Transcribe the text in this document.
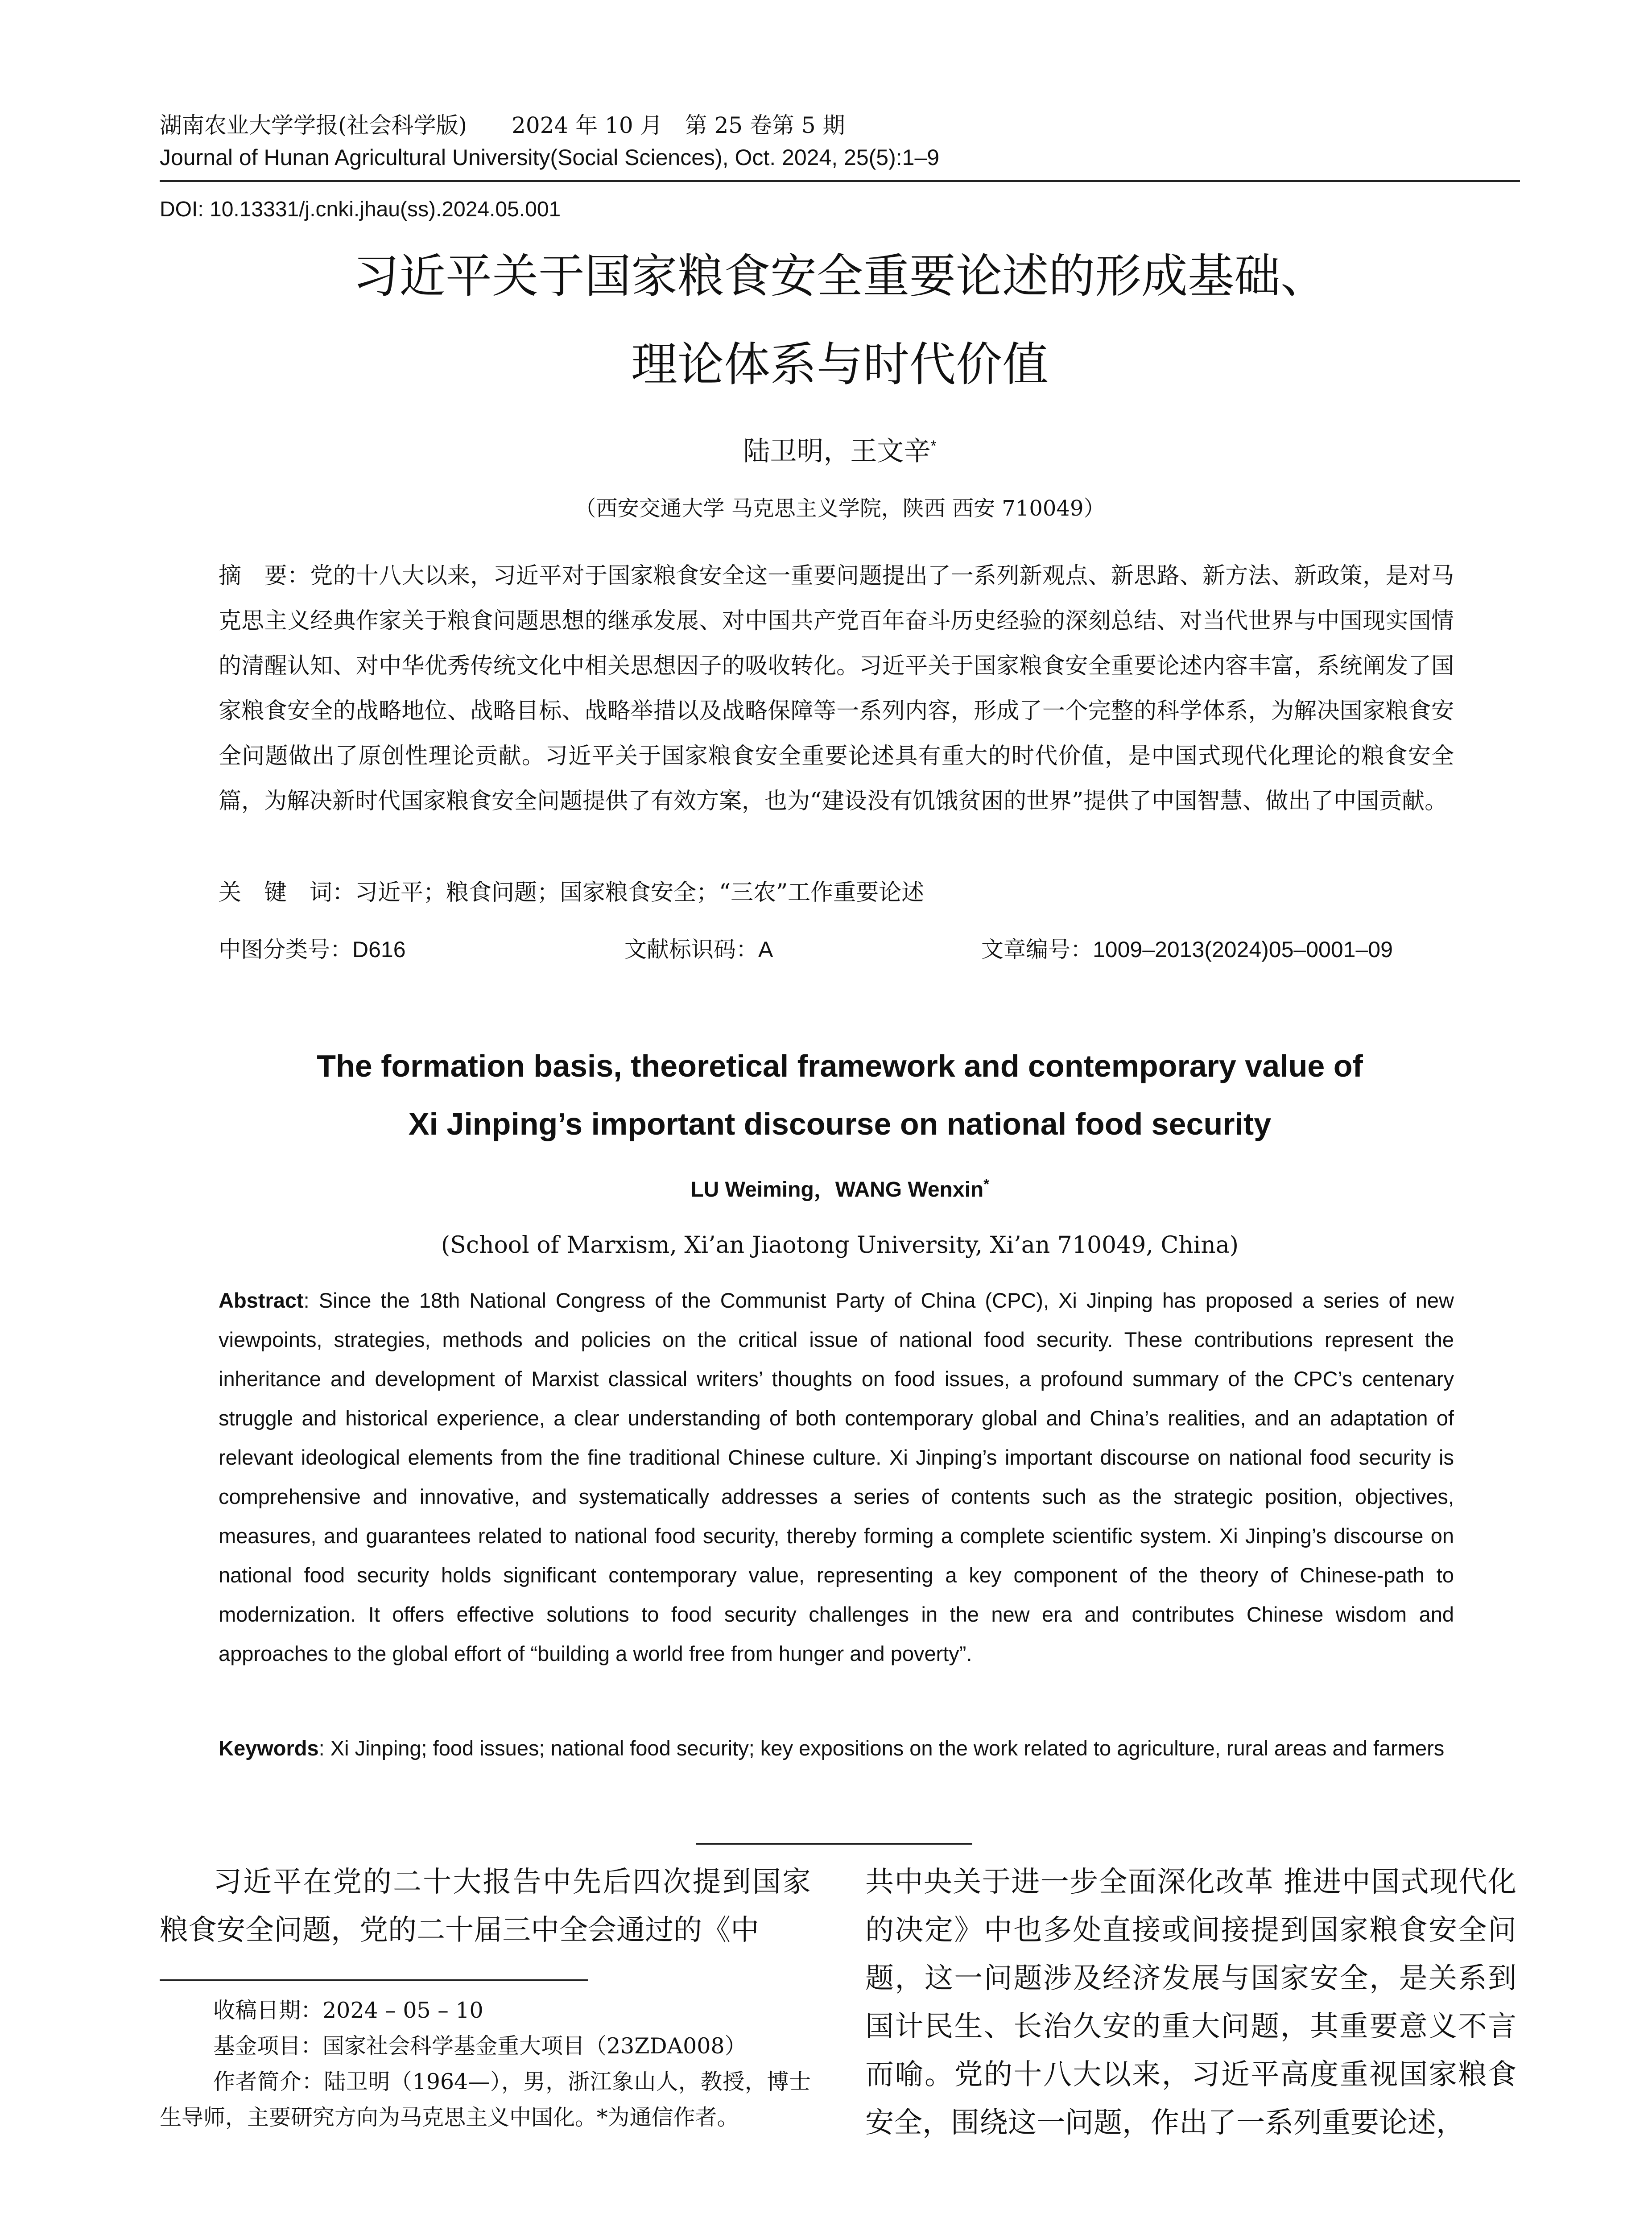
湖南农业大学学报(社会科学版)　　2024 年 10 月　第 25 卷第 5 期
Journal of Hunan Agricultural University(Social Sciences), Oct. 2024, 25(5):1–9
DOI: 10.13331/j.cnki.jhau(ss).2024.05.001
习近平关于国家粮食安全重要论述的形成基础、
理论体系与时代价值
陆卫明，王文辛*
（西安交通大学 马克思主义学院，陕西 西安 710049）
摘　要：党的十八大以来，习近平对于国家粮食安全这一重要问题提出了一系列新观点、新思路、新方法、新政策，是对马克思主义经典作家关于粮食问题思想的继承发展、对中国共产党百年奋斗历史经验的深刻总结、对当代世界与中国现实国情的清醒认知、对中华优秀传统文化中相关思想因子的吸收转化。习近平关于国家粮食安全重要论述内容丰富，系统阐发了国家粮食安全的战略地位、战略目标、战略举措以及战略保障等一系列内容，形成了一个完整的科学体系，为解决国家粮食安全问题做出了原创性理论贡献。习近平关于国家粮食安全重要论述具有重大的时代价值，是中国式现代化理论的粮食安全篇，为解决新时代国家粮食安全问题提供了有效方案，也为“建设没有饥饿贫困的世界”提供了中国智慧、做出了中国贡献。
关　键　词：习近平；粮食问题；国家粮食安全；“三农”工作重要论述
中图分类号：D616	文献标识码：A	文章编号：1009–2013(2024)05–0001–09
The formation basis, theoretical framework and contemporary value of
Xi Jinping’s important discourse on national food security
LU Weiming，WANG Wenxin*
(School of Marxism, Xi’an Jiaotong University, Xi’an 710049, China)
Abstract: Since the 18th National Congress of the Communist Party of China (CPC), Xi Jinping has proposed a series of new viewpoints, strategies, methods and policies on the critical issue of national food security. These contributions represent the inheritance and development of Marxist classical writers’ thoughts on food issues, a profound summary of the CPC’s centenary struggle and historical experience, a clear understanding of both contemporary global and China’s realities, and an adaptation of relevant ideological elements from the fine traditional Chinese culture. Xi Jinping’s important discourse on national food security is comprehensive and innovative, and systematically addresses a series of contents such as the strategic position, objectives, measures, and guarantees related to national food security, thereby forming a complete scientific system. Xi Jinping’s discourse on national food security holds significant contemporary value, representing a key component of the theory of Chinese-path to modernization. It offers effective solutions to food security challenges in the new era and contributes Chinese wisdom and approaches to the global effort of “building a world free from hunger and poverty”.
Keywords: Xi Jinping; food issues; national food security; key expositions on the work related to agriculture, rural areas and farmers
习近平在党的二十大报告中先后四次提到国家粮食安全问题，党的二十届三中全会通过的《中
共中央关于进一步全面深化改革 推进中国式现代化的决定》中也多处直接或间接提到国家粮食安全问题，这一问题涉及经济发展与国家安全，是关系到国计民生、长治久安的重大问题，其重要意义不言而喻。党的十八大以来，习近平高度重视国家粮食安全，围绕这一问题，作出了一系列重要论述，
收稿日期：2024 – 05 – 10
基金项目：国家社会科学基金重大项目（23ZDA008）
作者简介：陆卫明（1964—），男，浙江象山人，教授，博士生导师，主要研究方向为马克思主义中国化。*为通信作者。
